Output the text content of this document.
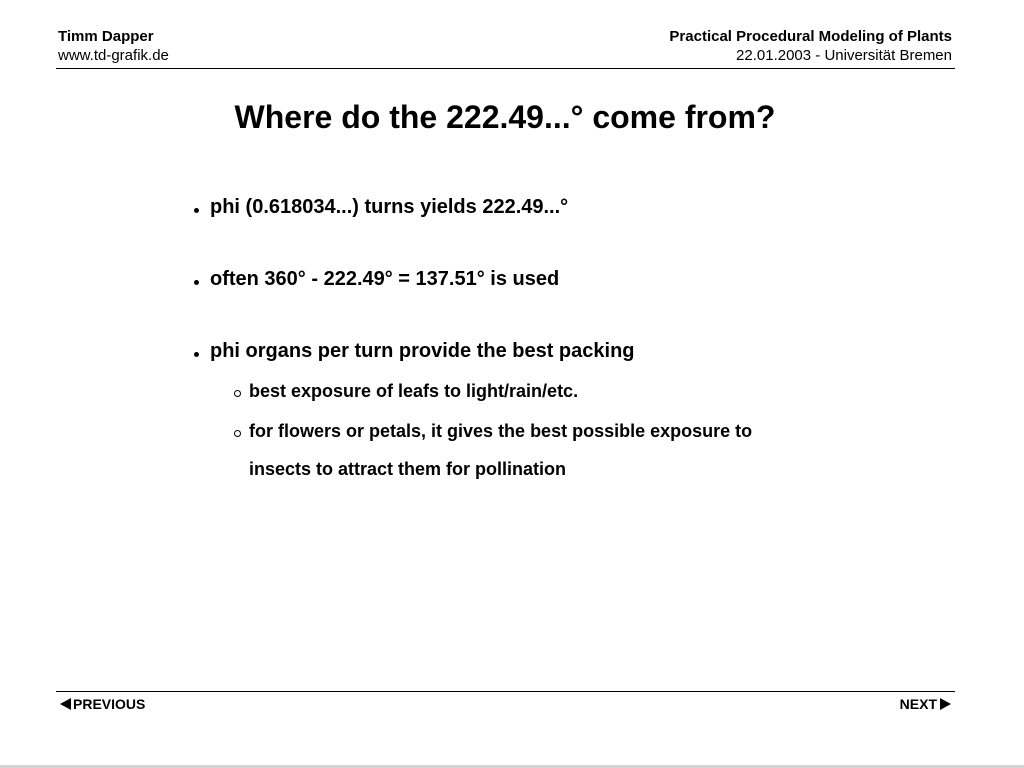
Timm Dapper
www.td-grafik.de
Practical Procedural Modeling of Plants
22.01.2003 - Universität Bremen
Where do the 222.49...° come from?
phi (0.618034...) turns yields 222.49...°
often 360° - 222.49° = 137.51° is used
phi organs per turn provide the best packing
best exposure of leafs to light/rain/etc.
for flowers or petals, it gives the best possible exposure to
insects to attract them for pollination
PREVIOUS	NEXT
